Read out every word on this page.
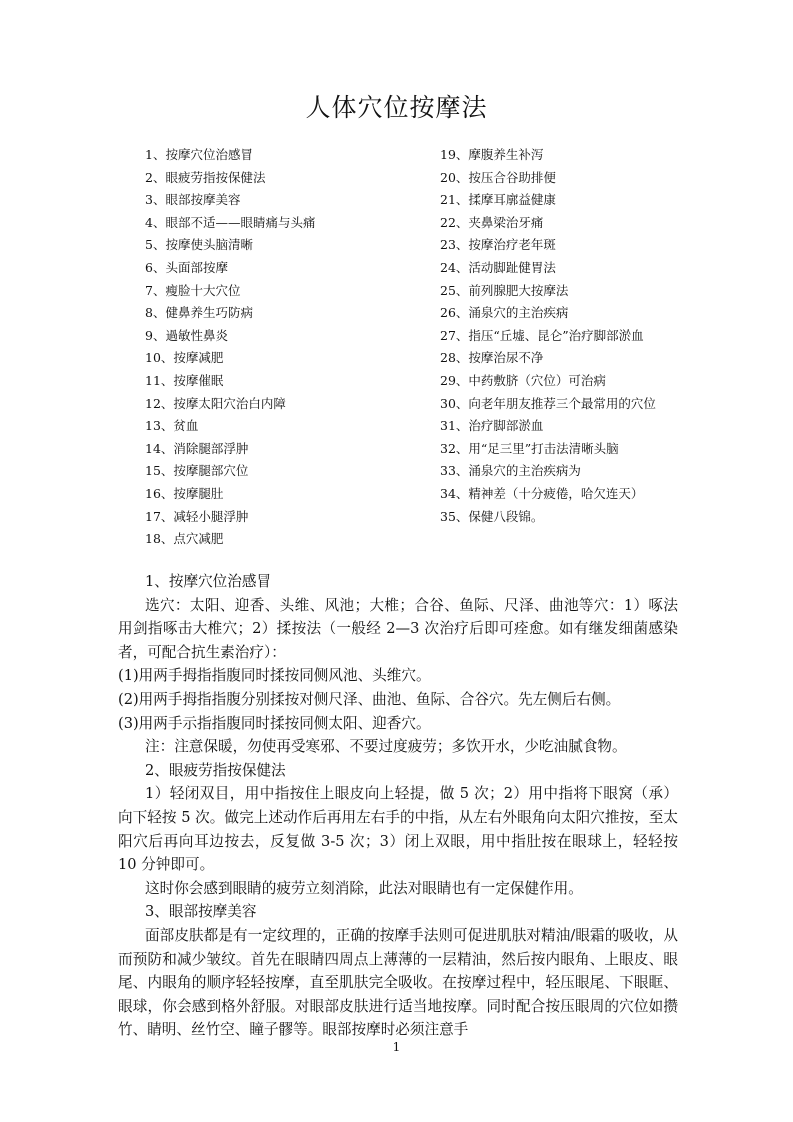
人体穴位按摩法
1、按摩穴位治感冒
2、眼疲劳指按保健法
3、眼部按摩美容
4、眼部不适——眼睛痛与头痛
5、按摩使头脑清晰
6、头面部按摩
7、瘦脸十大穴位
8、健鼻养生巧防病
9、過敏性鼻炎
10、按摩减肥
11、按摩催眠
12、按摩太阳穴治白内障
13、贫血
14、消除腿部浮肿
15、按摩腿部穴位
16、按摩腿肚
17、减轻小腿浮肿
18、点穴减肥
19、摩腹养生补泻
20、按压合谷助排便
21、揉摩耳廓益健康
22、夹鼻梁治牙痛
23、按摩治疗老年斑
24、活动脚趾健胃法
25、前列腺肥大按摩法
26、涌泉穴的主治疾病
27、指压“丘墟、昆仑”治疗脚部淤血
28、按摩治尿不净
29、中药敷脐（穴位）可治病
30、向老年朋友推荐三个最常用的穴位
31、治疗脚部淤血
32、用“足三里”打击法清晰头脑
33、涌泉穴的主治疾病为
34、精神差（十分疲倦，哈欠连天）
35、保健八段锦。

1、按摩穴位治感冒

选穴：太阳、迎香、头维、风池；大椎；合谷、鱼际、尺泽、曲池等穴：1）啄法用剑指啄击大椎穴；2）揉按法（一般经 2—3 次治疗后即可痊愈。如有继发细菌感染者，可配合抗生素治疗）：

(1)用两手拇指指腹同时揉按同侧风池、头维穴。

(2)用两手拇指指腹分别揉按对侧尺泽、曲池、鱼际、合谷穴。先左侧后右侧。

(3)用两手示指指腹同时揉按同侧太阳、迎香穴。

注：注意保暖，勿使再受寒邪、不要过度疲劳；多饮开水，少吃油腻食物。

2、眼疲劳指按保健法

1）轻闭双目，用中指按住上眼皮向上轻提，做 5 次；2）用中指将下眼窝（承）向下轻按 5 次。做完上述动作后再用左右手的中指，从左右外眼角向太阳穴推按，至太阳穴后再向耳边按去，反复做 3-5 次；3）闭上双眼，用中指肚按在眼球上，轻轻按 10 分钟即可。

这时你会感到眼睛的疲劳立刻消除，此法对眼睛也有一定保健作用。

3、眼部按摩美容

面部皮肤都是有一定纹理的，正确的按摩手法则可促进肌肤对精油/眼霜的吸收，从而预防和减少皱纹。首先在眼睛四周点上薄薄的一层精油，然后按内眼角、上眼皮、眼尾、内眼角的顺序轻轻按摩，直至肌肤完全吸收。在按摩过程中，轻压眼尾、下眼眶、眼球，你会感到格外舒服。对眼部皮肤进行适当地按摩。同时配合按压眼周的穴位如攒竹、睛明、丝竹空、瞳子髎等。眼部按摩时必须注意手

1
